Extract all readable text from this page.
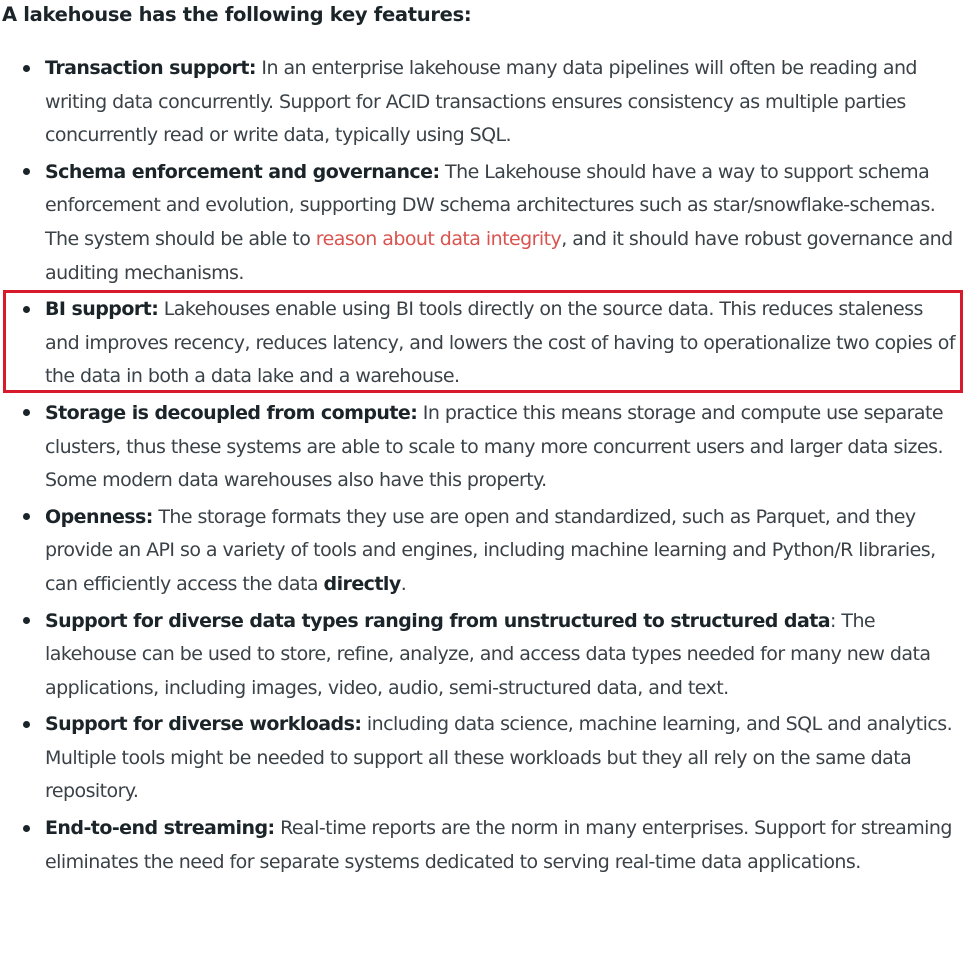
A lakehouse has the following key features:
Transaction support: In an enterprise lakehouse many data pipelines will often be reading and writing data concurrently. Support for ACID transactions ensures consistency as multiple parties concurrently read or write data, typically using SQL.
Schema enforcement and governance: The Lakehouse should have a way to support schema enforcement and evolution, supporting DW schema architectures such as star/snowflake-schemas. The system should be able to reason about data integrity, and it should have robust governance and auditing mechanisms.
BI support: Lakehouses enable using BI tools directly on the source data. This reduces staleness and improves recency, reduces latency, and lowers the cost of having to operationalize two copies of the data in both a data lake and a warehouse.
Storage is decoupled from compute: In practice this means storage and compute use separate clusters, thus these systems are able to scale to many more concurrent users and larger data sizes. Some modern data warehouses also have this property.
Openness: The storage formats they use are open and standardized, such as Parquet, and they provide an API so a variety of tools and engines, including machine learning and Python/R libraries, can efficiently access the data directly.
Support for diverse data types ranging from unstructured to structured data: The lakehouse can be used to store, refine, analyze, and access data types needed for many new data applications, including images, video, audio, semi-structured data, and text.
Support for diverse workloads: including data science, machine learning, and SQL and analytics. Multiple tools might be needed to support all these workloads but they all rely on the same data repository.
End-to-end streaming: Real-time reports are the norm in many enterprises. Support for streaming eliminates the need for separate systems dedicated to serving real-time data applications.
